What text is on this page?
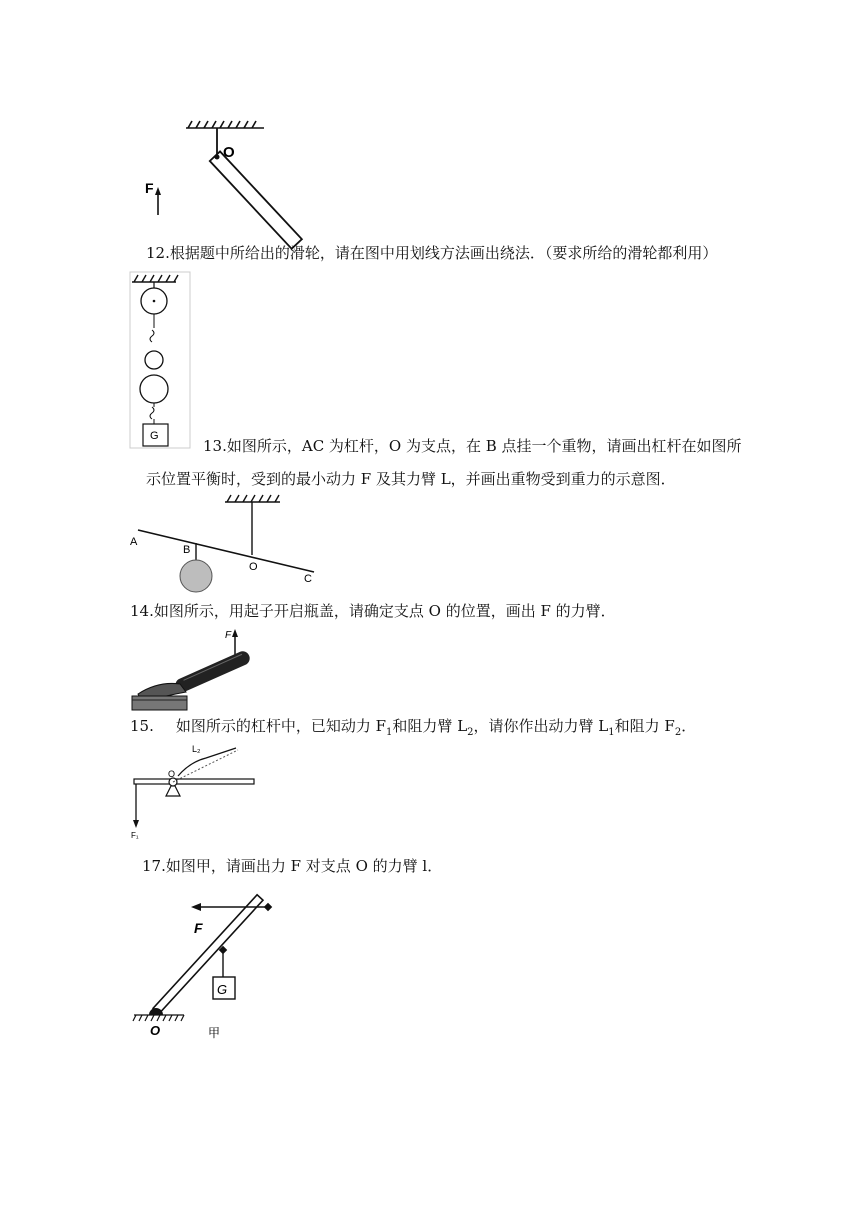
O
F
12.根据题中所给出的滑轮，请在图中用划线方法画出绕法．（要求所给的滑轮都利用）
G
13.如图所示，AC 为杠杆，O 为支点，在 B 点挂一个重物，请画出杠杆在如图所
示位置平衡时，受到的最小动力 F 及其力臂 L，并画出重物受到重力的示意图．
A
B
O
C
14.如图所示，用起子开启瓶盖，请确定支点 O 的位置，画出 F 的力臂．
F
15. 如图所示的杠杆中，已知动力 $F_1$和阻力臂 $L_2$，请你作出动力臂 $L_1$和阻力 $F_2$．
O
L₂
F₁
17.如图甲，请画出力 F 对支点 O 的力臂 l．
F
G
O	甲
